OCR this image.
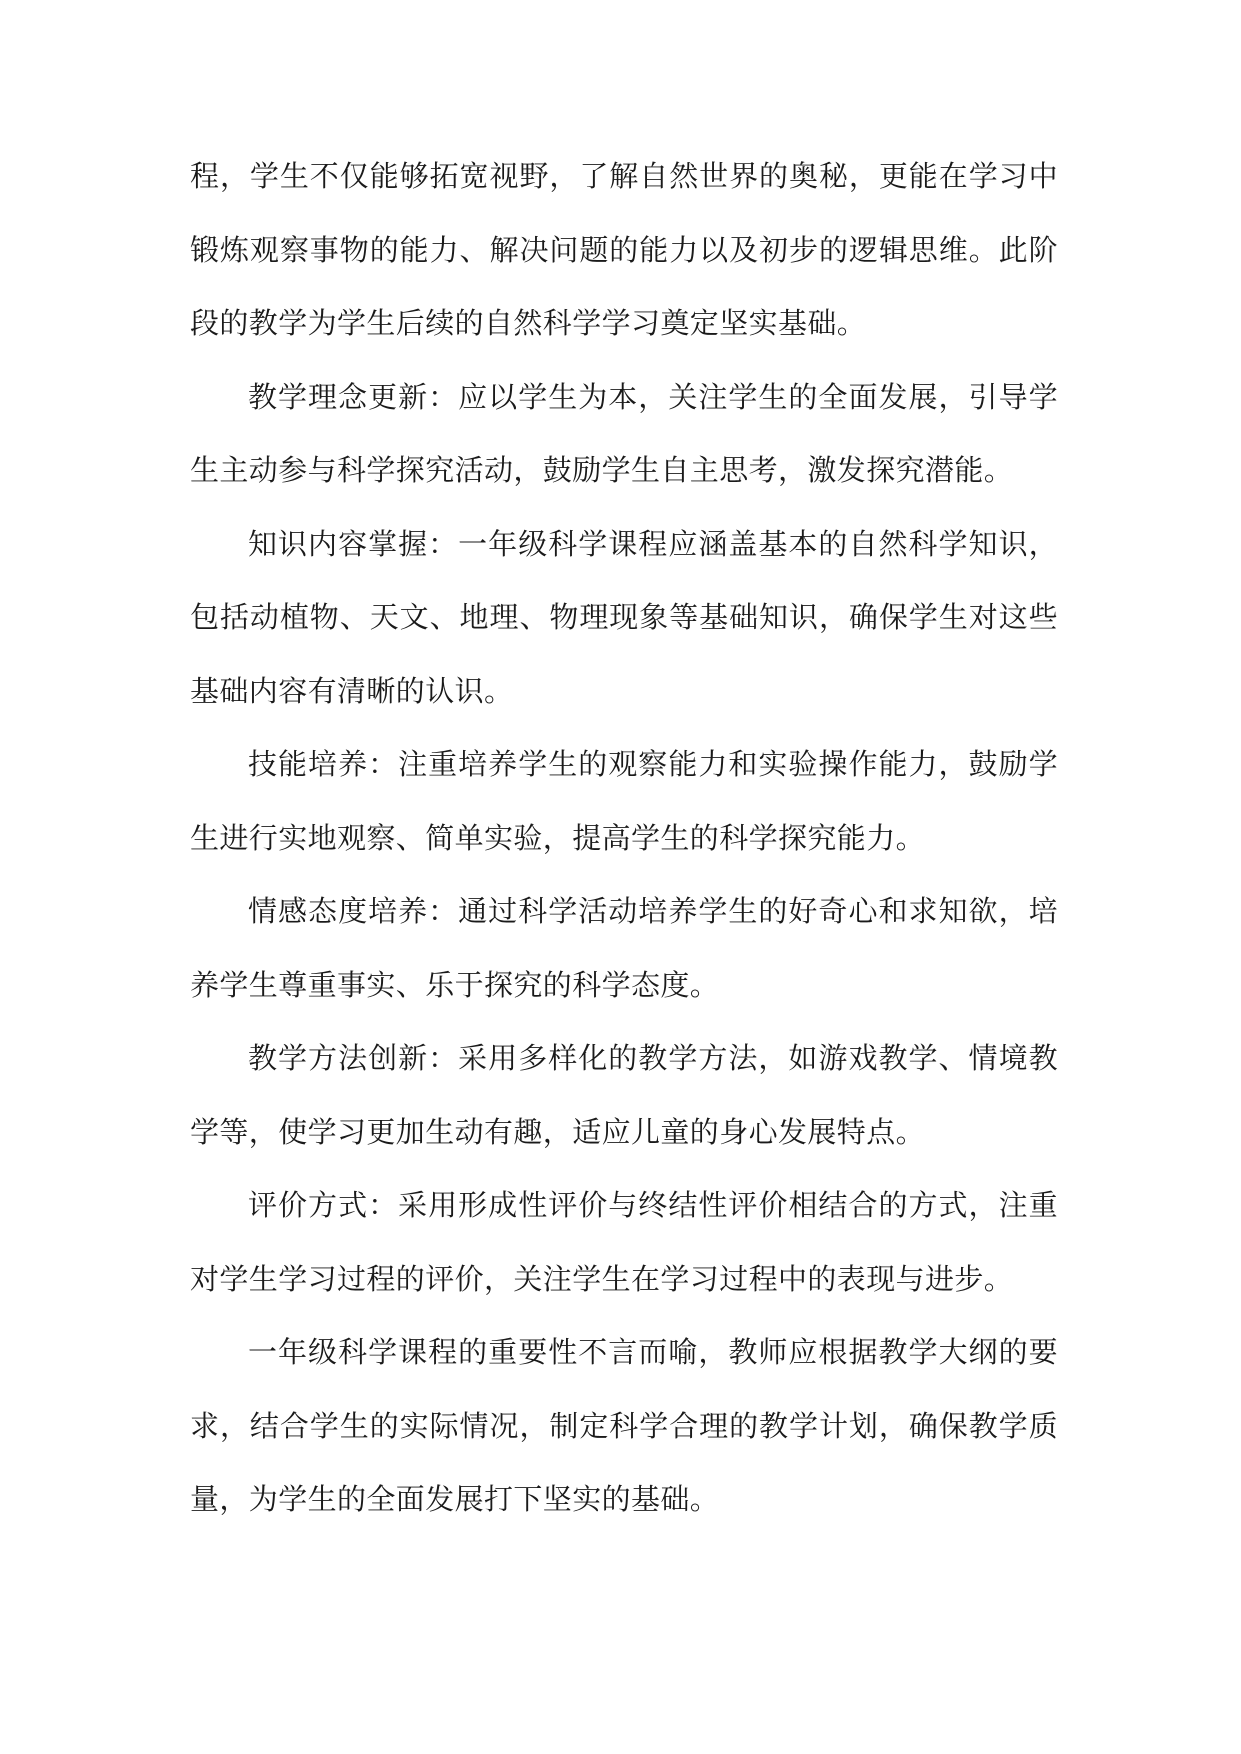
程，学生不仅能够拓宽视野，了解自然世界的奥秘，更能在学习中锻炼观察事物的能力、解决问题的能力以及初步的逻辑思维。此阶段的教学为学生后续的自然科学学习奠定坚实基础。

教学理念更新：应以学生为本，关注学生的全面发展，引导学生主动参与科学探究活动，鼓励学生自主思考，激发探究潜能。

知识内容掌握：一年级科学课程应涵盖基本的自然科学知识，包括动植物、天文、地理、物理现象等基础知识，确保学生对这些基础内容有清晰的认识。

技能培养：注重培养学生的观察能力和实验操作能力，鼓励学生进行实地观察、简单实验，提高学生的科学探究能力。

情感态度培养：通过科学活动培养学生的好奇心和求知欲，培养学生尊重事实、乐于探究的科学态度。

教学方法创新：采用多样化的教学方法，如游戏教学、情境教学等，使学习更加生动有趣，适应儿童的身心发展特点。

评价方式：采用形成性评价与终结性评价相结合的方式，注重对学生学习过程的评价，关注学生在学习过程中的表现与进步。

一年级科学课程的重要性不言而喻，教师应根据教学大纲的要求，结合学生的实际情况，制定科学合理的教学计划，确保教学质量，为学生的全面发展打下坚实的基础。
